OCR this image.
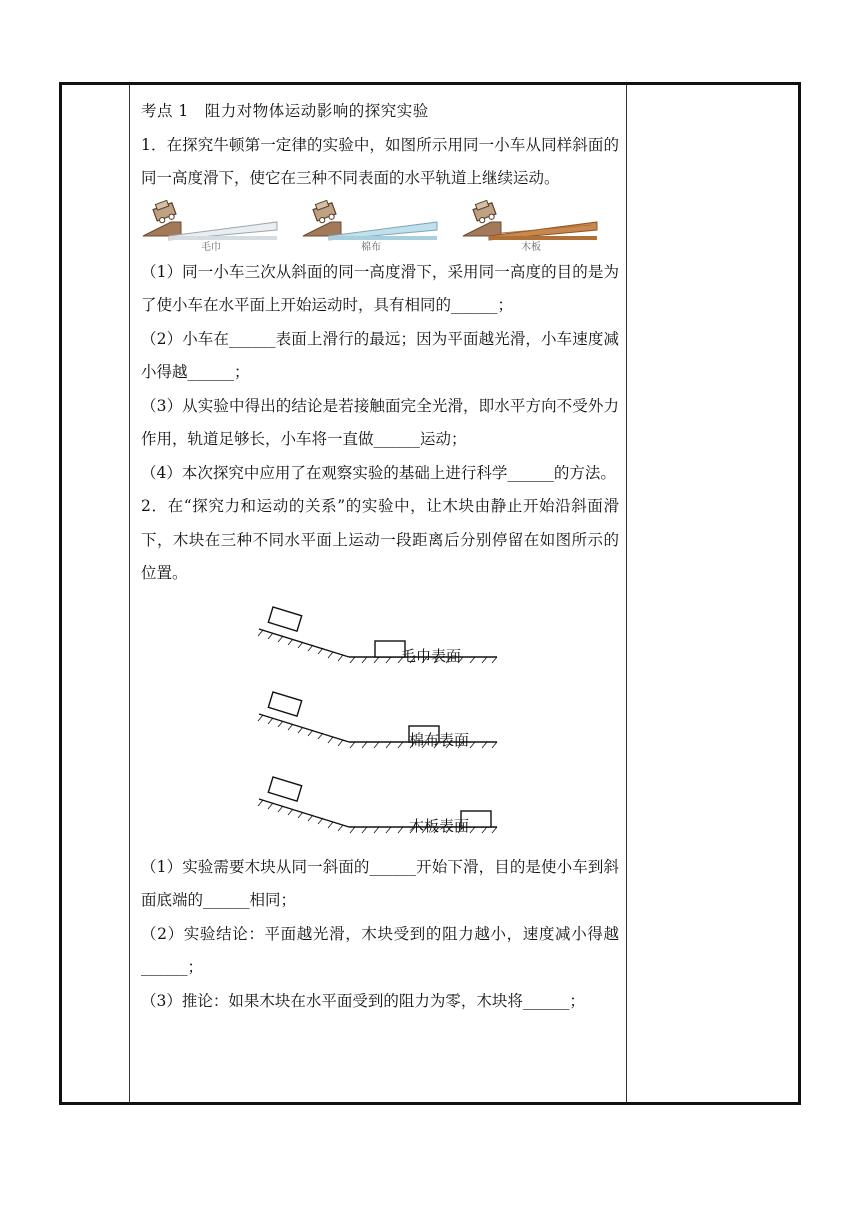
考点 1　阻力对物体运动影响的探究实验

1．在探究牛顿第一定律的实验中，如图所示用同一小车从同样斜面的同一高度滑下，使它在三种不同表面的水平轨道上继续运动。

毛巾	棉布	木板

（1）同一小车三次从斜面的同一高度滑下，采用同一高度的目的是为了使小车在水平面上开始运动时，具有相同的______；

（2）小车在______表面上滑行的最远；因为平面越光滑，小车速度减小得越______；

（3）从实验中得出的结论是若接触面完全光滑，即水平方向不受外力作用，轨道足够长，小车将一直做______运动；

（4）本次探究中应用了在观察实验的基础上进行科学______的方法。

2．在“探究力和运动的关系”的实验中，让木块由静止开始沿斜面滑下，木块在三种不同水平面上运动一段距离后分别停留在如图所示的位置。

毛巾表面
棉布表面
木板表面

（1）实验需要木块从同一斜面的______开始下滑，目的是使小车到斜面底端的______相同；

（2）实验结论：平面越光滑，木块受到的阻力越小，速度减小得越______；

（3）推论：如果木块在水平面受到的阻力为零，木块将______；
